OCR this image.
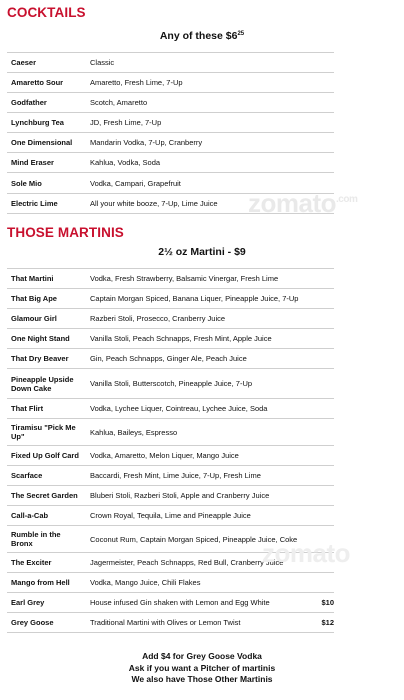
COCKTAILS
Any of these $\$6^{25}$
Caeser	Classic
Amaretto Sour	Amaretto, Fresh Lime, 7-Up
Godfather	Scotch, Amaretto
Lynchburg Tea	JD, Fresh Lime, 7-Up
One Dimensional	Mandarin Vodka, 7-Up, Cranberry
Mind Eraser	Kahlua, Vodka, Soda
Sole Mio	Vodka, Campari, Grapefruit
Electric Lime	All your white booze, 7-Up, Lime Juice zomato$^{.com}$
THOSE MARTINIS
2½ oz Martini - $9
That Martini	Vodka, Fresh Strawberry, Balsamic Vinergar, Fresh Lime	
That Big Ape	Captain Morgan Spiced, Banana Liquer, Pineapple Juice, 7-Up	
Glamour Girl	Razberi Stoli, Prosecco, Cranberry Juice	
One Night Stand	Vanilla Stoli, Peach Schnapps, Fresh Mint, Apple Juice	
That Dry Beaver	Gin, Peach Schnapps, Ginger Ale, Peach Juice	
Pineapple Upside Down Cake	Vanilla Stoli, Butterscotch, Pineapple Juice, 7-Up	
That Flirt	Vodka, Lychee Liquer, Cointreau, Lychee Juice, Soda	
Tiramisu "Pick Me Up"	Kahlua, Baileys, Espresso	
Fixed Up Golf Card	Vodka, Amaretto, Melon Liquer, Mango Juice	
Scarface	Baccardi, Fresh Mint, Lime Juice, 7-Up, Fresh Lime	
The Secret Garden	Bluberi Stoli, Razberi Stoli, Apple and Cranberry Juice	
Call-a-Cab	Crown Royal, Tequila, Lime and Pineapple Juice	
Rumble in the Bronx	Coconut Rum, Captain Morgan Spiced, Pineapple Juice, Coke	
The Exciter	Jagermeister, Peach Schnapps, Red Bull, Cranberry Juice	
Mango from Hell	Vodka, Mango Juice, Chili Flakes	
Earl Grey	House infused Gin shaken with Lemon and Egg White	$10
Grey Goose	Traditional Martini with Olives or Lemon Twist	$12
zomato
Add $4 for Grey Goose Vodka
Ask if you want a Pitcher of martinis
We also have Those Other Martinis
